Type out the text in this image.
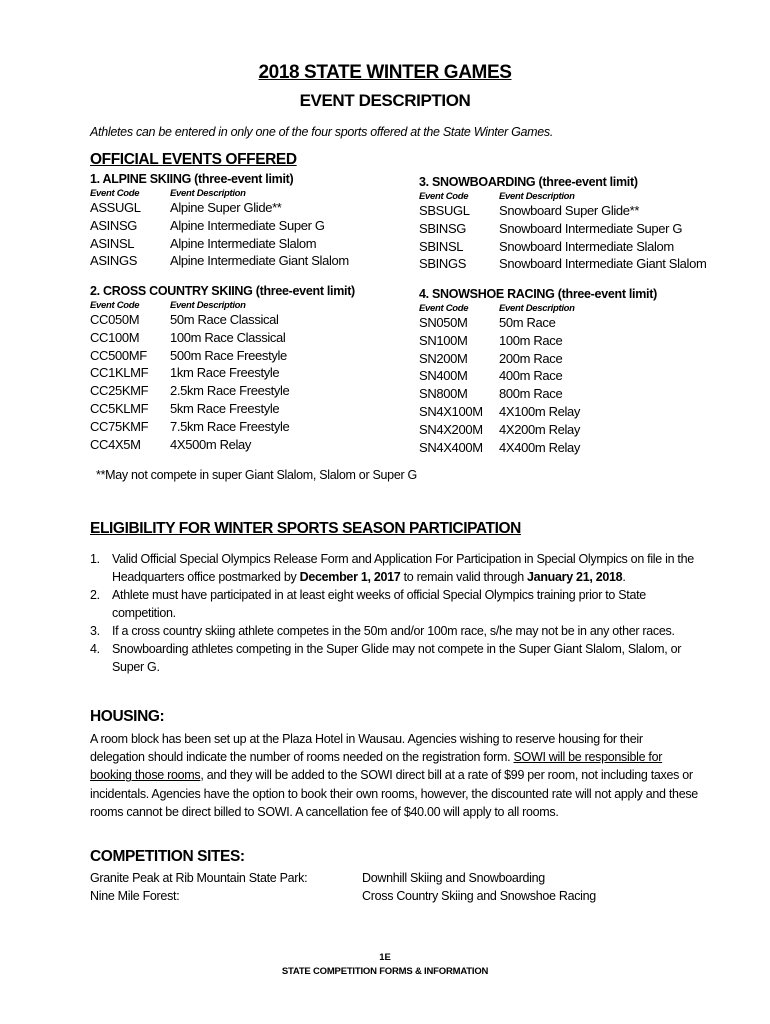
2018 STATE WINTER GAMES
EVENT DESCRIPTION
Athletes can be entered in only one of the four sports offered at the State Winter Games.
OFFICIAL EVENTS OFFERED
1. ALPINE SKIING (three-event limit)
Event Code	Event Description
ASSUGL	Alpine Super Glide**
ASINSG	Alpine Intermediate Super G
ASINSL	Alpine Intermediate Slalom
ASINGS	Alpine Intermediate Giant Slalom
2. CROSS COUNTRY SKIING (three-event limit)
Event Code	Event Description
CC050M	50m Race Classical
CC100M	100m Race Classical
CC500MF	500m Race Freestyle
CC1KLMF	1km Race Freestyle
CC25KMF	2.5km Race Freestyle
CC5KLMF	5km Race Freestyle
CC75KMF	7.5km Race Freestyle
CC4X5M	4X500m Relay
3. SNOWBOARDING (three-event limit)
Event Code	Event Description
SBSUGL	Snowboard Super Glide**
SBINSG	Snowboard Intermediate Super G
SBINSL	Snowboard Intermediate Slalom
SBINGS	Snowboard Intermediate Giant Slalom
4. SNOWSHOE RACING (three-event limit)
Event Code	Event Description
SN050M	50m Race
SN100M	100m Race
SN200M	200m Race
SN400M	400m Race
SN800M	800m Race
SN4X100M	4X100m Relay
SN4X200M	4X200m Relay
SN4X400M	4X400m Relay
**May not compete in super Giant Slalom, Slalom or Super G
ELIGIBILITY FOR WINTER SPORTS SEASON PARTICIPATION
1. Valid Official Special Olympics Release Form and Application For Participation in Special Olympics on file in the Headquarters office postmarked by December 1, 2017 to remain valid through January 21, 2018.
2. Athlete must have participated in at least eight weeks of official Special Olympics training prior to State competition.
3. If a cross country skiing athlete competes in the 50m and/or 100m race, s/he may not be in any other races.
4. Snowboarding athletes competing in the Super Glide may not compete in the Super Giant Slalom, Slalom, or Super G.
HOUSING:
A room block has been set up at the Plaza Hotel in Wausau. Agencies wishing to reserve housing for their delegation should indicate the number of rooms needed on the registration form. SOWI will be responsible for booking those rooms, and they will be added to the SOWI direct bill at a rate of $99 per room, not including taxes or incidentals. Agencies have the option to book their own rooms, however, the discounted rate will not apply and these rooms cannot be direct billed to SOWI. A cancellation fee of $40.00 will apply to all rooms.
COMPETITION SITES:
Granite Peak at Rib Mountain State Park:	Downhill Skiing and Snowboarding
Nine Mile Forest:	Cross Country Skiing and Snowshoe Racing
1E
STATE COMPETITION FORMS & INFORMATION
